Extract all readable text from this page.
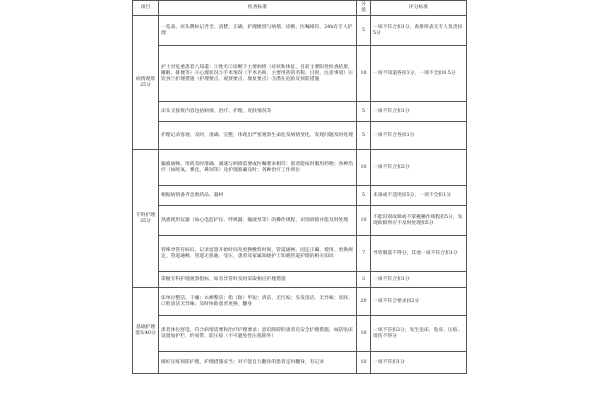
项目	检查标准	分值	评分标准
病情观察25分	一览表、床头牌标记齐全、清楚、正确，护理级别与病情、诊断、医嘱相符，24h有专人护理	5	一项不符合扣1分，查排班表无专人负责扣5分
	护士对危重患者八知道：①姓名②诊断③主要病情（症状和体征，目前主要阳性检查结果，睡眠、排便等）④心理状况⑤手术情况（手术名称、主要用药的名称、目的、注意事项）⑥饮食⑦护理措施（护理要点、观察要点、康复要点）⑧潜在危险及预防措施	10	一项不知道各扣1分，一项不全扣0.5分
	床头交接班内容包括病情、治疗、护理、皮肤情况等	5	一项不符合扣1分
	护理记录客观、及时、准确、完整，体现出严密观察生命征及病情变化、发现问题及时处理	5	一项不符合各扣1分
专科护理35分	输液通畅，用药及时准确，滴速与病情需要或医嘱要求相符；患者能按时服用药物；各种治疗（如吸氧、雾化、鼻饲等）及护理准确及时；各种治疗工作到位	10	一项不符合扣2分
	根据病情备齐急救药品、器材	5	未备或不适用扣5分，一项不全扣1分
	熟悉现用仪器（如心电监护仪、呼吸器、输液泵等）的操作规程，识别故障并能及时处理	10	不能识别故障或不掌握操作规程扣5分，发现故障到应不及时处理扣5分
	特殊导管有标识，记录留置开始时间及更换敷料时间，管道通畅，固定正确，使用、更换规定，管道通畅，管道无扭曲、受压，患者及家属知晓护士知晓管道护理的相关知识	7	导管脱落不得分，其他一项不符合扣1分
	掌握专科护理观察指标，如有异常时及时采取相应护理措施	3	一项不符合扣1分
基础护理落实40分	床单位整洁、干燥；衣裤整洁；指（趾）甲短；清洁、无污垢；头发清洁，无异味；皮肤、口腔清洁无异味；及时协助患者更换、翻身	20	一项不符合要求扣2分
	患者体位舒适，符合病情需要和治疗护理要求；意识障碍的患者有安全护理措施，如防坠床设置加护栏、约束带、防压疮（不可避免性压疮除外）	10	一项不符扣2分，发生坠床、坠床、压疮、烫伤不得分
	做好压疮预防护理，护理措施妥当；对不能自行翻身的患者定时翻身，有记录	10	一项不符扣1分
